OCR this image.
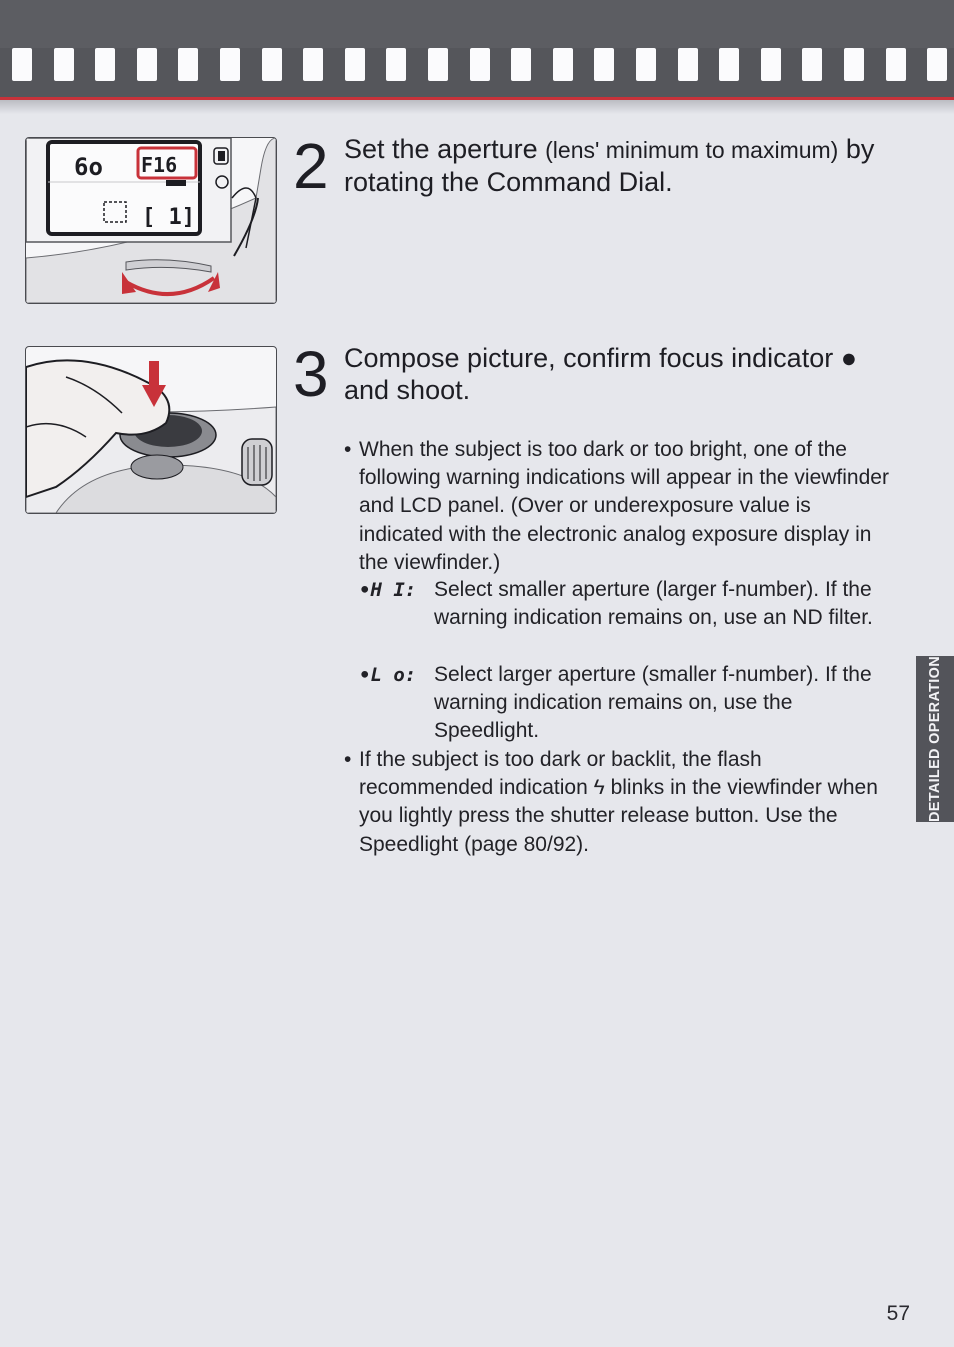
6o F16
[ 1]
2 Set the aperture (lens' minimum to maximum) by rotating the Command Dial.
3 Compose picture, confirm focus indicator ● and shoot.
• When the subject is too dark or too bright, one of the following warning indications will appear in the viewfinder and LCD panel. (Over or underexposure value is indicated with the electronic analog exposure display in the viewfinder.)
•H I: Select smaller aperture (larger f-number). If the warning indication remains on, use an ND filter.
•L o: Select larger aperture (smaller f-number). If the warning indication remains on, use the Speedlight.
• If the subject is too dark or backlit, the flash recommended indication ϟ blinks in the viewfinder when you lightly press the shutter release button. Use the Speedlight (page 80/92).
DETAILED OPERATION
57
